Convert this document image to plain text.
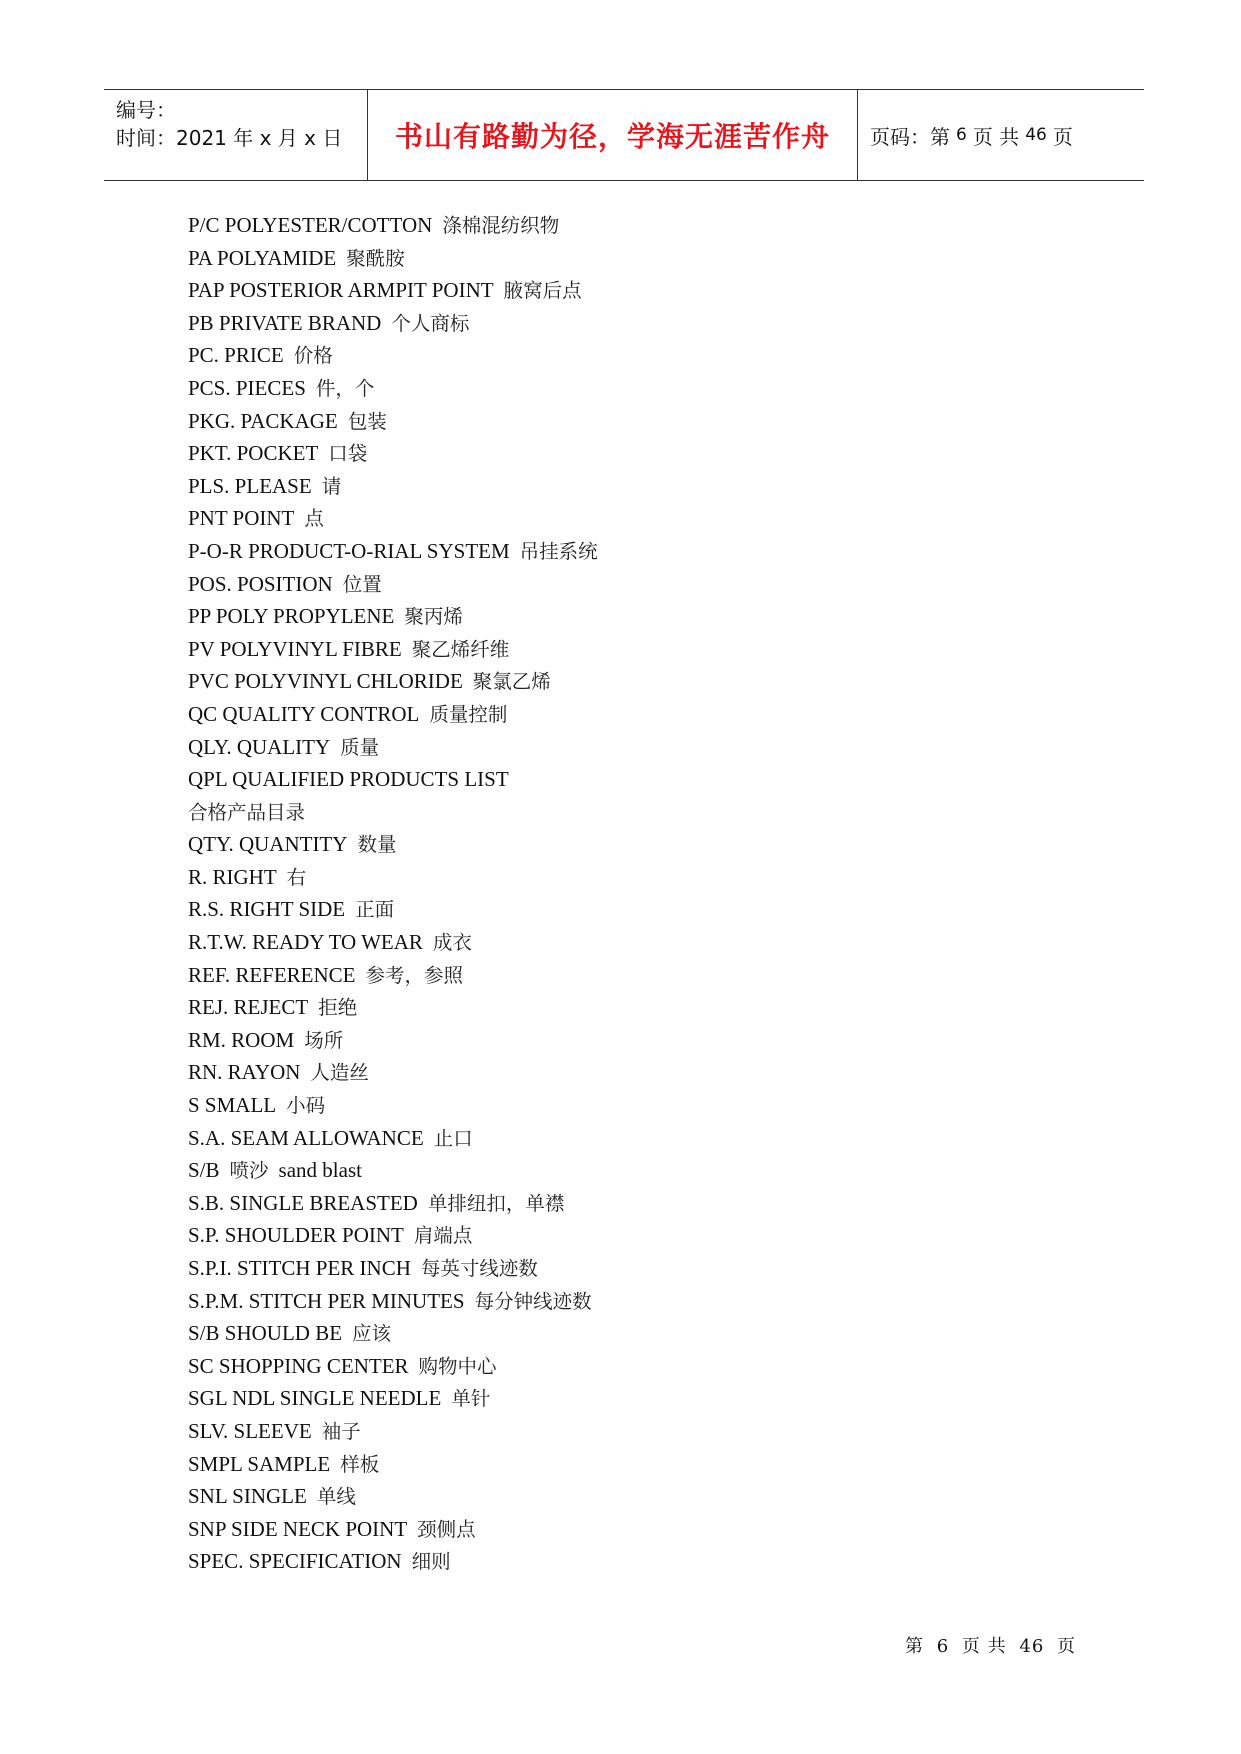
编号：
时间：2021 年 x 月 x 日 书山有路勤为径，学海无涯苦作舟 页码：第 6 页 共 46 页
P/C POLYESTER/COTTON 涤棉混纺织物
PA POLYAMIDE 聚酰胺
PAP POSTERIOR ARMPIT POINT 腋窝后点
PB PRIVATE BRAND 个人商标
PC. PRICE 价格
PCS. PIECES 件，个
PKG. PACKAGE 包装
PKT. POCKET 口袋
PLS. PLEASE 请
PNT POINT 点
P-O-R PRODUCT-O-RIAL SYSTEM 吊挂系统
POS. POSITION 位置
PP POLY PROPYLENE 聚丙烯
PV POLYVINYL FIBRE 聚乙烯纤维
PVC POLYVINYL CHLORIDE 聚氯乙烯
QC QUALITY CONTROL 质量控制
QLY. QUALITY 质量
QPL QUALIFIED PRODUCTS LIST
合格产品目录
QTY. QUANTITY 数量
R. RIGHT 右
R.S. RIGHT SIDE 正面
R.T.W. READY TO WEAR 成衣
REF. REFERENCE 参考，参照
REJ. REJECT 拒绝
RM. ROOM 场所
RN. RAYON 人造丝
S SMALL 小码
S.A. SEAM ALLOWANCE 止口
S/B 喷沙 sand blast
S.B. SINGLE BREASTED 单排纽扣，单襟
S.P. SHOULDER POINT 肩端点
S.P.I. STITCH PER INCH 每英寸线迹数
S.P.M. STITCH PER MINUTES 每分钟线迹数
S/B SHOULD BE 应该
SC SHOPPING CENTER 购物中心
SGL NDL SINGLE NEEDLE 单针
SLV. SLEEVE 袖子
SMPL SAMPLE 样板
SNL SINGLE 单线
SNP SIDE NECK POINT 颈侧点
SPEC. SPECIFICATION 细则
第 6 页 共 46 页
